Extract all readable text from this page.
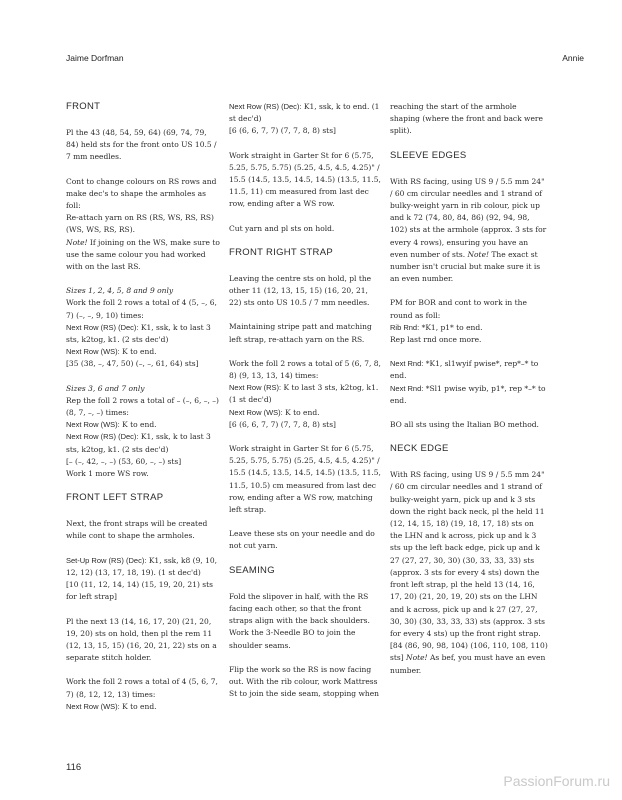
Jaime Dorfman	Annie
FRONT

Pl the 43 (48, 54, 59, 64) (69, 74, 79, 84) held sts for the front onto US 10.5 / 7 mm needles.

Cont to change colours on RS rows and make dec's to shape the armholes as foll:
Re-attach yarn on RS (RS, WS, RS, RS) (WS, WS, RS, RS).
Note! If joining on the WS, make sure to use the same colour you had worked with on the last RS.

Sizes 1, 2, 4, 5, 8 and 9 only
Work the foll 2 rows a total of 4 (5, –, 6, 7) (–, –, 9, 10) times:
Next Row (RS) (Dec): K1, ssk, k to last 3 sts, k2tog, k1. (2 sts dec'd)
Next Row (WS): K to end.
[35 (38, –, 47, 50) (–, –, 61, 64) sts]

Sizes 3, 6 and 7 only
Rep the foll 2 rows a total of – (–, 6, –, –) (8, 7, –, –) times:
Next Row (WS): K to end.
Next Row (RS) (Dec): K1, ssk, k to last 3 sts, k2tog, k1. (2 sts dec'd)
[– (–, 42, –, –) (53, 60, –, –) sts]
Work 1 more WS row.

FRONT LEFT STRAP

Next, the front straps will be created while cont to shape the armholes.

Set-Up Row (RS) (Dec): K1, ssk, k8 (9, 10, 12, 12) (13, 17, 18, 19). (1 st dec'd)
[10 (11, 12, 14, 14) (15, 19, 20, 21) sts for left strap]

Pl the next 13 (14, 16, 17, 20) (21, 20, 19, 20) sts on hold, then pl the rem 11 (12, 13, 15, 15) (16, 20, 21, 22) sts on a separate stitch holder.

Work the foll 2 rows a total of 4 (5, 6, 7, 7) (8, 12, 12, 13) times:
Next Row (WS): K to end.

Next Row (RS) (Dec): K1, ssk, k to end. (1 st dec'd)
[6 (6, 6, 7, 7) (7, 7, 8, 8) sts]

Work straight in Garter St for 6 (5.75, 5.25, 5.75, 5.75) (5.25, 4.5, 4.5, 4.25)" / 15.5 (14.5, 13.5, 14.5, 14.5) (13.5, 11.5, 11.5, 11) cm measured from last dec row, ending after a WS row.

Cut yarn and pl sts on hold.

FRONT RIGHT STRAP

Leaving the centre sts on hold, pl the other 11 (12, 13, 15, 15) (16, 20, 21, 22) sts onto US 10.5 / 7 mm needles.

Maintaining stripe patt and matching left strap, re-attach yarn on the RS.

Work the foll 2 rows a total of 5 (6, 7, 8, 8) (9, 13, 13, 14) times:
Next Row (RS): K to last 3 sts, k2tog, k1. (1 st dec'd)
Next Row (WS): K to end.
[6 (6, 6, 7, 7) (7, 7, 8, 8) sts]

Work straight in Garter St for 6 (5.75, 5.25, 5.75, 5.75) (5.25, 4.5, 4.5, 4.25)" / 15.5 (14.5, 13.5, 14.5, 14.5) (13.5, 11.5, 11.5, 10.5) cm measured from last dec row, ending after a WS row, matching left strap.

Leave these sts on your needle and do not cut yarn.

SEAMING

Fold the slipover in half, with the RS facing each other, so that the front straps align with the back shoulders. Work the 3-Needle BO to join the shoulder seams.

Flip the work so the RS is now facing out. With the rib colour, work Mattress St to join the side seam, stopping when

reaching the start of the armhole shaping (where the front and back were split).

SLEEVE EDGES

With RS facing, using US 9 / 5.5 mm 24" / 60 cm circular needles and 1 strand of bulky-weight yarn in rib colour, pick up and k 72 (74, 80, 84, 86) (92, 94, 98, 102) sts at the armhole (approx. 3 sts for every 4 rows), ensuring you have an even number of sts. Note! The exact st number isn't crucial but make sure it is an even number.

PM for BOR and cont to work in the round as foll:
Rib Rnd: *K1, p1* to end.
Rep last rnd once more.

Next Rnd: *K1, sl1wyif pwise*, rep*–* to end.
Next Rnd: *Sl1 pwise wyib, p1*, rep *–* to end.

BO all sts using the Italian BO method.

NECK EDGE

With RS facing, using US 9 / 5.5 mm 24" / 60 cm circular needles and 1 strand of bulky-weight yarn, pick up and k 3 sts down the right back neck, pl the held 11 (12, 14, 15, 18) (19, 18, 17, 18) sts on the LHN and k across, pick up and k 3 sts up the left back edge, pick up and k 27 (27, 27, 30, 30) (30, 33, 33, 33) sts (approx. 3 sts for every 4 sts) down the front left strap, pl the held 13 (14, 16, 17, 20) (21, 20, 19, 20) sts on the LHN and k across, pick up and k 27 (27, 27, 30, 30) (30, 33, 33, 33) sts (approx. 3 sts for every 4 sts) up the front right strap. [84 (86, 90, 98, 104) (106, 110, 108, 110) sts] Note! As bef, you must have an even number.

116
PassionForum.ru
